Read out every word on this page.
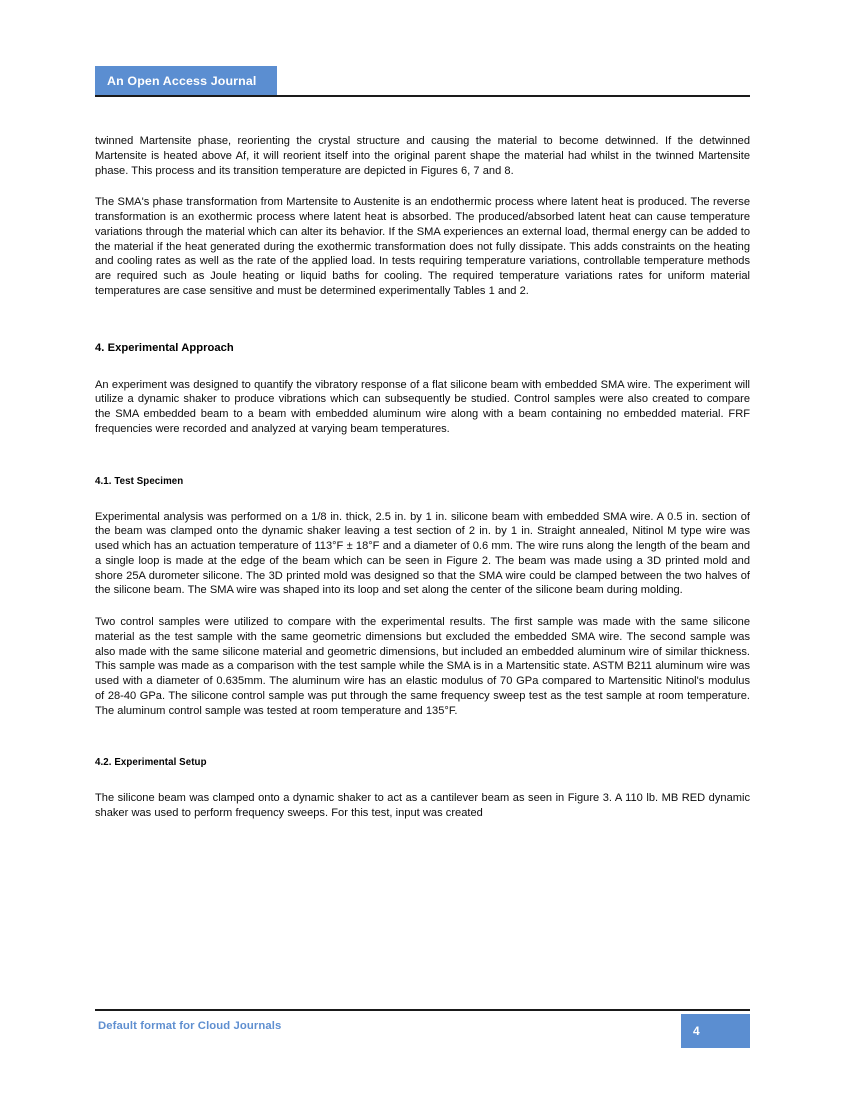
An Open Access Journal

twinned Martensite phase, reorienting the crystal structure and causing the material to become detwinned. If the detwinned Martensite is heated above Af, it will reorient itself into the original parent shape the material had whilst in the twinned Martensite phase. This process and its transition temperature are depicted in Figures 6, 7 and 8.

The SMA's phase transformation from Martensite to Austenite is an endothermic process where latent heat is produced. The reverse transformation is an exothermic process where latent heat is absorbed. The produced/absorbed latent heat can cause temperature variations through the material which can alter its behavior. If the SMA experiences an external load, thermal energy can be added to the material if the heat generated during the exothermic transformation does not fully dissipate. This adds constraints on the heating and cooling rates as well as the rate of the applied load. In tests requiring temperature variations, controllable temperature methods are required such as Joule heating or liquid baths for cooling. The required temperature variations rates for uniform material temperatures are case sensitive and must be determined experimentally Tables 1 and 2.

4. Experimental Approach

An experiment was designed to quantify the vibratory response of a flat silicone beam with embedded SMA wire. The experiment will utilize a dynamic shaker to produce vibrations which can subsequently be studied. Control samples were also created to compare the SMA embedded beam to a beam with embedded aluminum wire along with a beam containing no embedded material. FRF frequencies were recorded and analyzed at varying beam temperatures.

4.1. Test Specimen

Experimental analysis was performed on a 1/8 in. thick, 2.5 in. by 1 in. silicone beam with embedded SMA wire. A 0.5 in. section of the beam was clamped onto the dynamic shaker leaving a test section of 2 in. by 1 in. Straight annealed, Nitinol M type wire was used which has an actuation temperature of 113°F ± 18°F and a diameter of 0.6 mm. The wire runs along the length of the beam and a single loop is made at the edge of the beam which can be seen in Figure 2. The beam was made using a 3D printed mold and shore 25A durometer silicone. The 3D printed mold was designed so that the SMA wire could be clamped between the two halves of the silicone beam. The SMA wire was shaped into its loop and set along the center of the silicone beam during molding.

Two control samples were utilized to compare with the experimental results. The first sample was made with the same silicone material as the test sample with the same geometric dimensions but excluded the embedded SMA wire. The second sample was also made with the same silicone material and geometric dimensions, but included an embedded aluminum wire of similar thickness. This sample was made as a comparison with the test sample while the SMA is in a Martensitic state. ASTM B211 aluminum wire was used with a diameter of 0.635mm. The aluminum wire has an elastic modulus of 70 GPa compared to Martensitic Nitinol's modulus of 28-40 GPa. The silicone control sample was put through the same frequency sweep test as the test sample at room temperature. The aluminum control sample was tested at room temperature and 135°F.

4.2. Experimental Setup

The silicone beam was clamped onto a dynamic shaker to act as a cantilever beam as seen in Figure 3. A 110 lb. MB RED dynamic shaker was used to perform frequency sweeps. For this test, input was created

Default format for Cloud Journals	4
